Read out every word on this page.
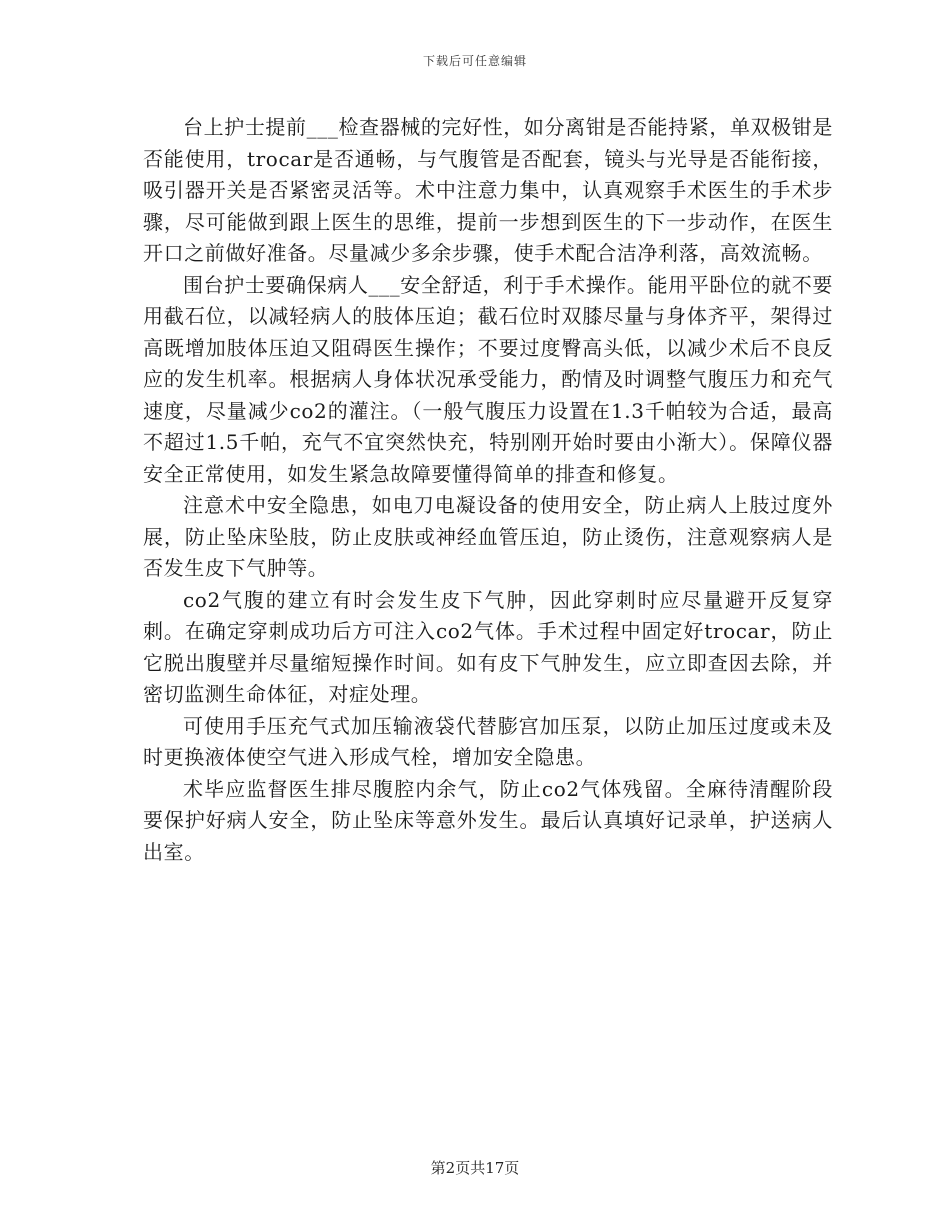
下载后可任意编辑

台上护士提前___检查器械的完好性，如分离钳是否能持紧，单双极钳是否能使用，trocar是否通畅，与气腹管是否配套，镜头与光导是否能衔接，吸引器开关是否紧密灵活等。术中注意力集中，认真观察手术医生的手术步骤，尽可能做到跟上医生的思维，提前一步想到医生的下一步动作，在医生开口之前做好准备。尽量减少多余步骤，使手术配合洁净利落，高效流畅。

围台护士要确保病人___安全舒适，利于手术操作。能用平卧位的就不要用截石位，以减轻病人的肢体压迫；截石位时双膝尽量与身体齐平，架得过高既增加肢体压迫又阻碍医生操作；不要过度臀高头低，以减少术后不良反应的发生机率。根据病人身体状况承受能力，酌情及时调整气腹压力和充气速度，尽量减少co2的灌注。（一般气腹压力设置在1.3千帕较为合适，最高不超过1.5千帕，充气不宜突然快充，特别刚开始时要由小渐大）。保障仪器安全正常使用，如发生紧急故障要懂得简单的排查和修复。

注意术中安全隐患，如电刀电凝设备的使用安全，防止病人上肢过度外展，防止坠床坠肢，防止皮肤或神经血管压迫，防止烫伤，注意观察病人是否发生皮下气肿等。

co2气腹的建立有时会发生皮下气肿，因此穿刺时应尽量避开反复穿刺。在确定穿刺成功后方可注入co2气体。手术过程中固定好trocar，防止它脱出腹壁并尽量缩短操作时间。如有皮下气肿发生，应立即查因去除，并密切监测生命体征，对症处理。

可使用手压充气式加压输液袋代替膨宫加压泵，以防止加压过度或未及时更换液体使空气进入形成气栓，增加安全隐患。

术毕应监督医生排尽腹腔内余气，防止co2气体残留。全麻待清醒阶段要保护好病人安全，防止坠床等意外发生。最后认真填好记录单，护送病人出室。

第2页共17页
